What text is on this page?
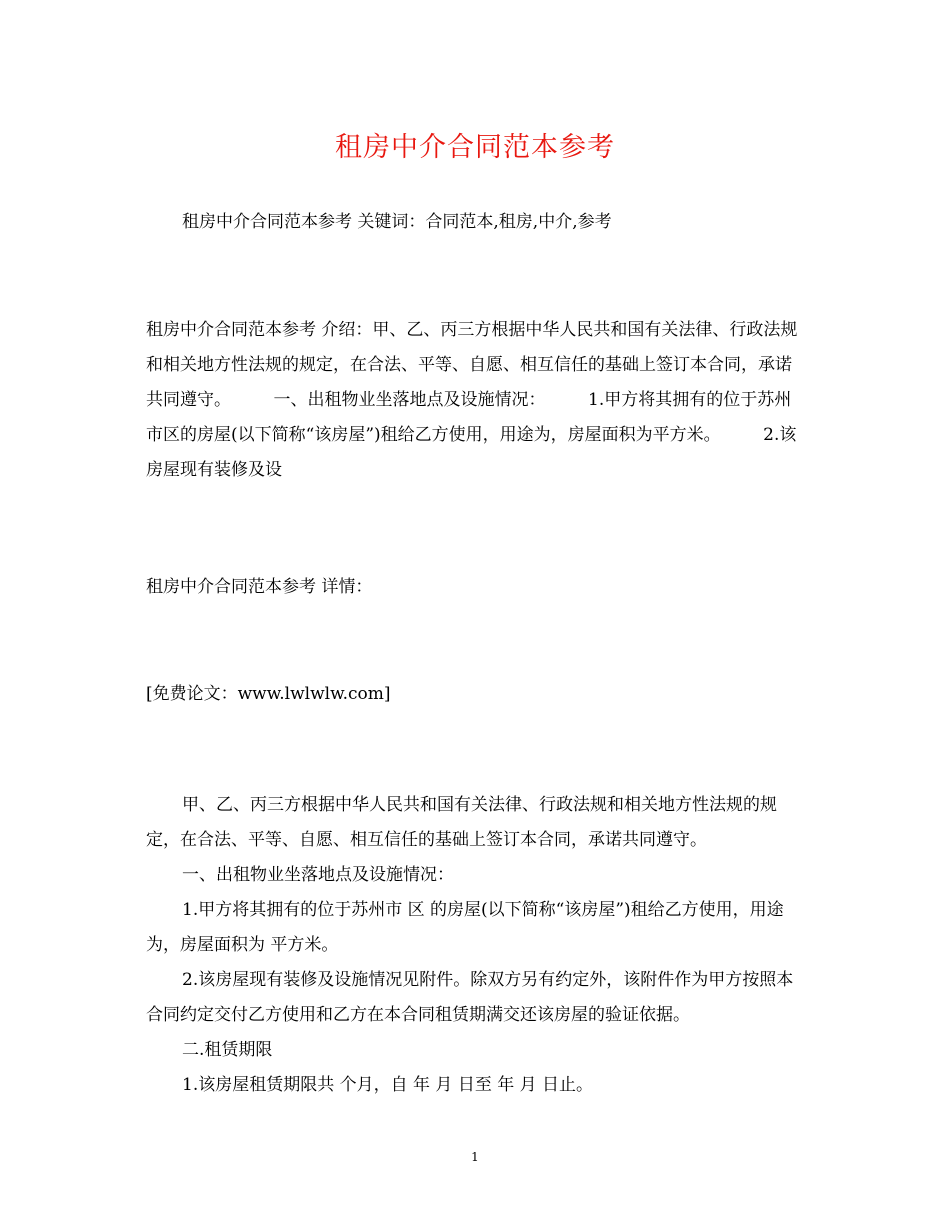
租房中介合同范本参考

租房中介合同范本参考 关键词：合同范本,租房,中介,参考

租房中介合同范本参考 介绍：甲、乙、丙三方根据中华人民共和国有关法律、行政法规和相关地方性法规的规定，在合法、平等、自愿、相互信任的基础上签订本合同，承诺共同遵守。　　　一、出租物业坐落地点及设施情况：　　　1.甲方将其拥有的位于苏州市区的房屋(以下简称“该房屋”)租给乙方使用，用途为，房屋面积为平方米。　　　2.该房屋现有装修及设

租房中介合同范本参考 详情：

[免费论文：www.lwlwlw.com]

甲、乙、丙三方根据中华人民共和国有关法律、行政法规和相关地方性法规的规定，在合法、平等、自愿、相互信任的基础上签订本合同，承诺共同遵守。

一、出租物业坐落地点及设施情况：

1.甲方将其拥有的位于苏州市 区 的房屋(以下简称“该房屋”)租给乙方使用，用途为，房屋面积为 平方米。

2.该房屋现有装修及设施情况见附件。除双方另有约定外，该附件作为甲方按照本合同约定交付乙方使用和乙方在本合同租赁期满交还该房屋的验证依据。

二.租赁期限

1.该房屋租赁期限共 个月，自 年 月 日至 年 月 日止。

1
